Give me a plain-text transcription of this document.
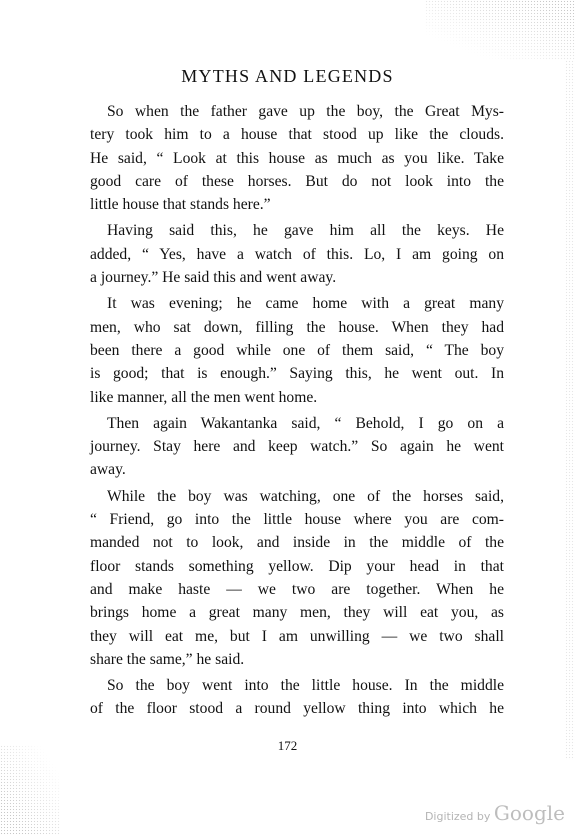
MYTHS AND LEGENDS

So when the father gave up the boy, the Great Mys-
tery took him to a house that stood up like the clouds.
He said, “ Look at this house as much as you like. Take
good care of these horses. But do not look into the
little house that stands here.”

Having said this, he gave him all the keys. He
added, “ Yes, have a watch of this. Lo, I am going on
a journey.” He said this and went away.

It was evening; he came home with a great many
men, who sat down, filling the house. When they had
been there a good while one of them said, “ The boy
is good; that is enough.” Saying this, he went out. In
like manner, all the men went home.

Then again Wakantanka said, “ Behold, I go on a
journey. Stay here and keep watch.” So again he went
away.

While the boy was watching, one of the horses said,
“ Friend, go into the little house where you are com-
manded not to look, and inside in the middle of the
floor stands something yellow. Dip your head in that
and make haste — we two are together. When he
brings home a great many men, they will eat you, as
they will eat me, but I am unwilling — we two shall
share the same,” he said.

So the boy went into the little house. In the middle
of the floor stood a round yellow thing into which he

172
Digitized by Google
